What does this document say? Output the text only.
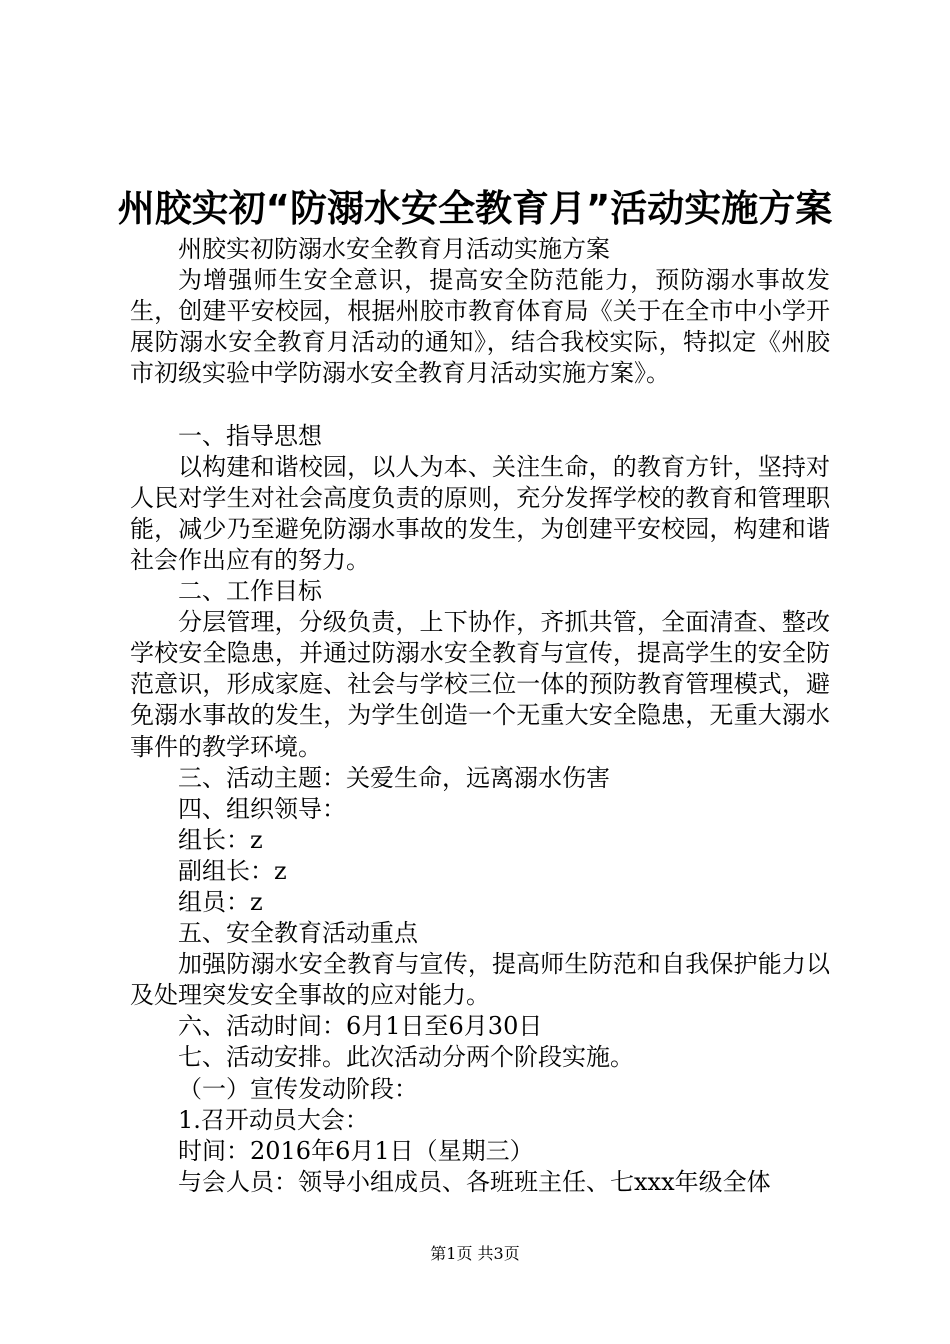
州胶实初“防溺水安全教育月”活动实施方案

州胶实初防溺水安全教育月活动实施方案

为增强师生安全意识，提高安全防范能力，预防溺水事故发生，创建平安校园，根据州胶市教育体育局《关于在全市中小学开展防溺水安全教育月活动的通知》，结合我校实际，特拟定《州胶市初级实验中学防溺水安全教育月活动实施方案》。

一、指导思想

以构建和谐校园，以人为本、关注生命，的教育方针，坚持对人民对学生对社会高度负责的原则，充分发挥学校的教育和管理职能，减少乃至避免防溺水事故的发生，为创建平安校园，构建和谐社会作出应有的努力。

二、工作目标

分层管理，分级负责，上下协作，齐抓共管，全面清查、整改学校安全隐患，并通过防溺水安全教育与宣传，提高学生的安全防范意识，形成家庭、社会与学校三位一体的预防教育管理模式，避免溺水事故的发生，为学生创造一个无重大安全隐患，无重大溺水事件的教学环境。

三、活动主题：关爱生命，远离溺水伤害

四、组织领导：

组长：z

副组长：z

组员：z

五、安全教育活动重点

加强防溺水安全教育与宣传，提高师生防范和自我保护能力以及处理突发安全事故的应对能力。

六、活动时间：6月1日至6月30日

七、活动安排。此次活动分两个阶段实施。

（一）宣传发动阶段：

1.召开动员大会：

时间：2016年6月1日（星期三）

与会人员：领导小组成员、各班班主任、七xxx年级全体

第1页 共3页
